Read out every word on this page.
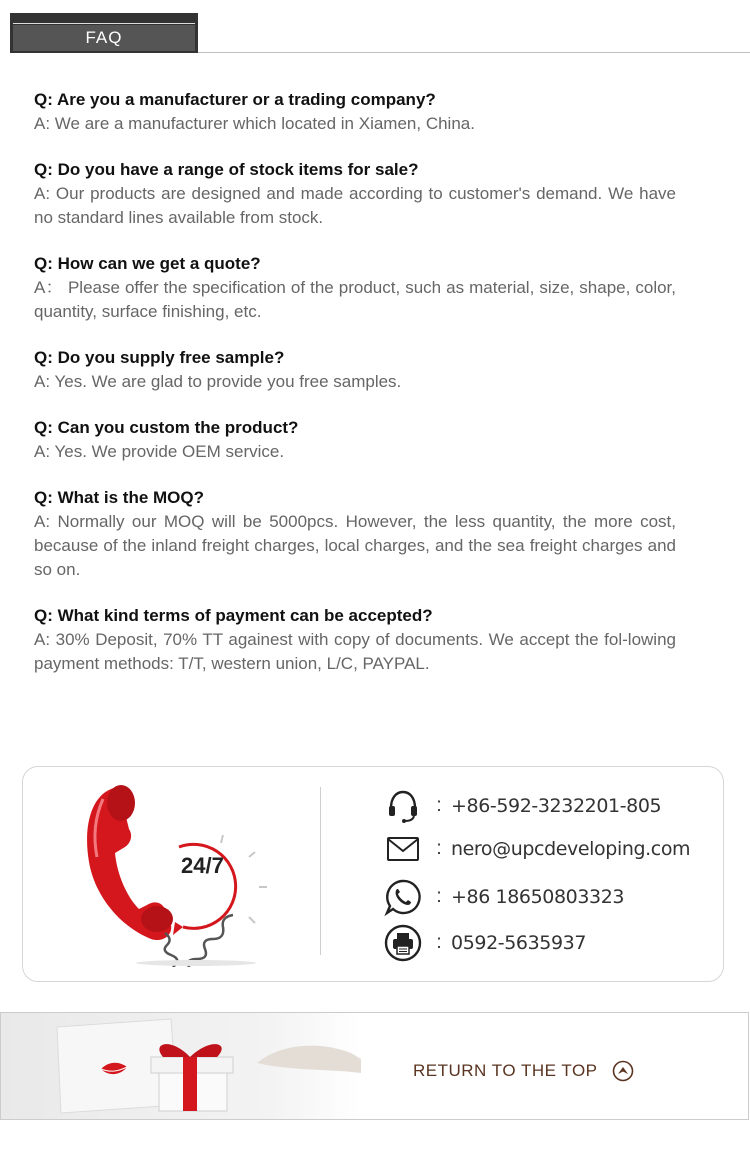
FAQ
Q: Are you a manufacturer or a trading company?
A: We are a manufacturer which located in Xiamen, China.
Q: Do you have a range of stock items for sale?
A: Our products are designed and made according to customer's demand. We have no standard lines available from stock.
Q: How can we get a quote?
A： Please offer the specification of the product, such as material, size, shape, color, quantity, surface finishing, etc.
Q: Do you supply free sample?
A: Yes. We are glad to provide you free samples.
Q: Can you custom the product?
A: Yes. We provide OEM service.
Q: What is the MOQ?
A: Normally our MOQ will be 5000pcs. However, the less quantity, the more cost, because of the inland freight charges, local charges, and the sea freight charges and so on.
Q: What kind terms of payment can be accepted?
A: 30% Deposit, 70% TT againest with copy of documents. We accept the fol-lowing payment methods: T/T, western union, L/C, PAYPAL.
24/7
: +86-592-3232201-805
: nero@upcdeveloping.com
: +86 18650803323
: 0592-5635937
RETURN TO THE TOP
